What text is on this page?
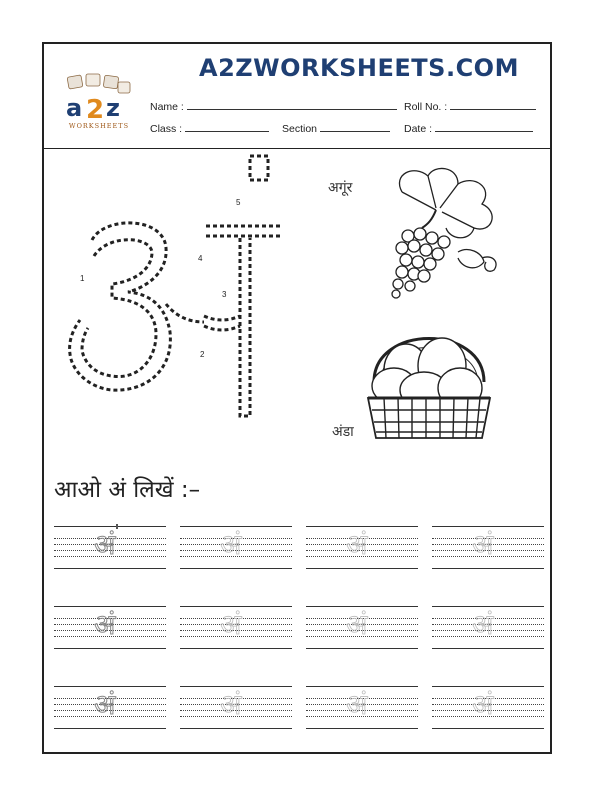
a 2 z
WORKSHEETS
A2ZWORKSHEETS.COM
Name :	Roll No. :
Class :	Section	Date :
1
2
3
4
5
अगूंर
अंडा
आओ अं लिखें :–
अं	अं	अं	अं
अं	अं	अं	अं
अं	अं	अं	अं
